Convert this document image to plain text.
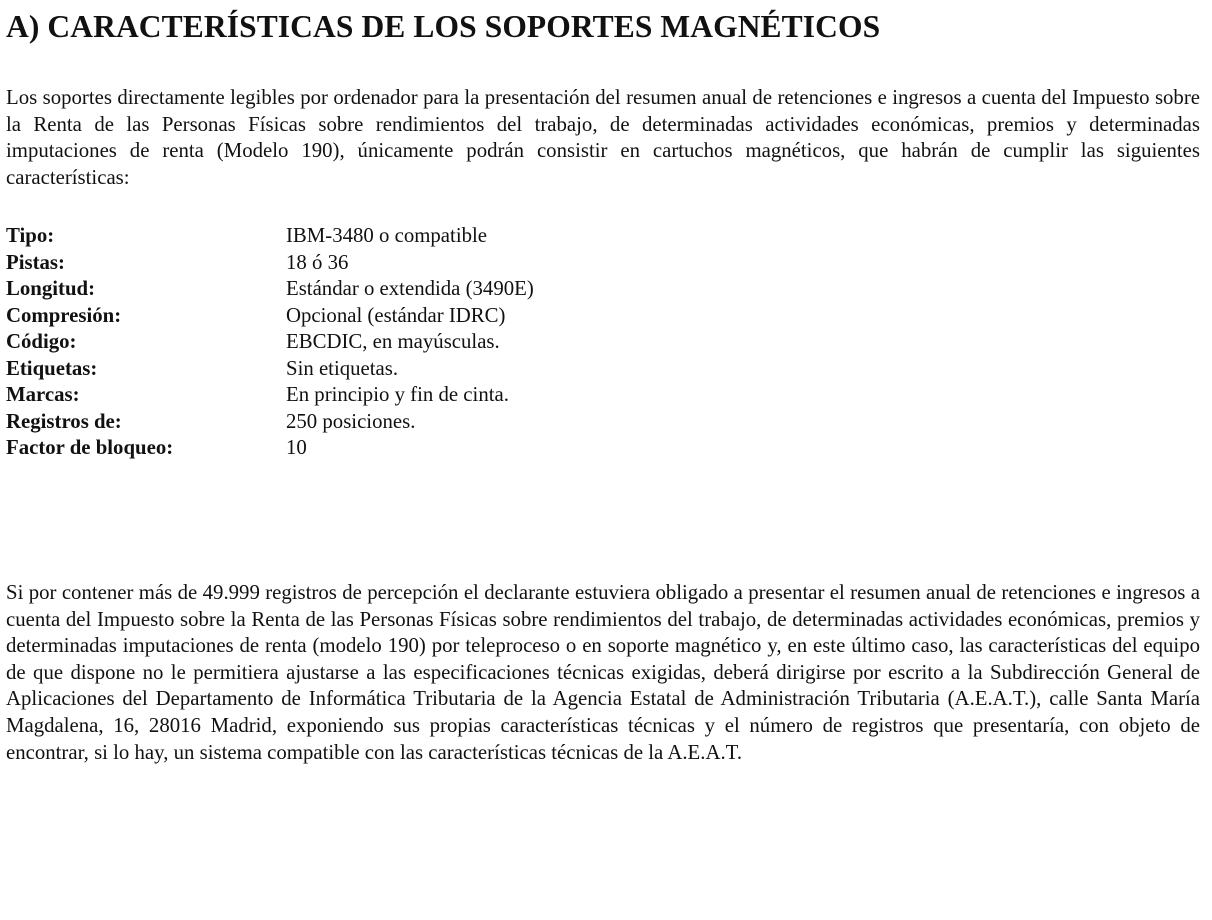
A) CARACTERÍSTICAS DE LOS SOPORTES MAGNÉTICOS

Los soportes directamente legibles por ordenador para la presentación del resumen anual de retenciones e ingresos a cuenta del Impuesto sobre la Renta de las Personas Físicas sobre rendimientos del trabajo, de determinadas actividades económicas, premios y determinadas imputaciones de renta (Modelo 190), únicamente podrán consistir en cartuchos magnéticos, que habrán de cumplir las siguientes características:

Tipo:	IBM-3480 o compatible
Pistas:	18 ó 36
Longitud:	Estándar o extendida (3490E)
Compresión:	Opcional (estándar IDRC)
Código:	EBCDIC, en mayúsculas.
Etiquetas:	Sin etiquetas.
Marcas:	En principio y fin de cinta.
Registros de:	250 posiciones.
Factor de bloqueo:	10

Si por contener más de 49.999 registros de percepción el declarante estuviera obligado a presentar el resumen anual de retenciones e ingresos a cuenta del Impuesto sobre la Renta de las Personas Físicas sobre rendimientos del trabajo, de determinadas actividades económicas, premios y determinadas imputaciones de renta (modelo 190) por teleproceso o en soporte magnético y, en este último caso, las características del equipo de que dispone no le permitiera ajustarse a las especificaciones técnicas exigidas, deberá dirigirse por escrito a la Subdirección General de Aplicaciones del Departamento de Informática Tributaria de la Agencia Estatal de Administración Tributaria (A.E.A.T.), calle Santa María Magdalena, 16, 28016 Madrid, exponiendo sus propias características técnicas y el número de registros que presentaría, con objeto de encontrar, si lo hay, un sistema compatible con las características técnicas de la A.E.A.T.
